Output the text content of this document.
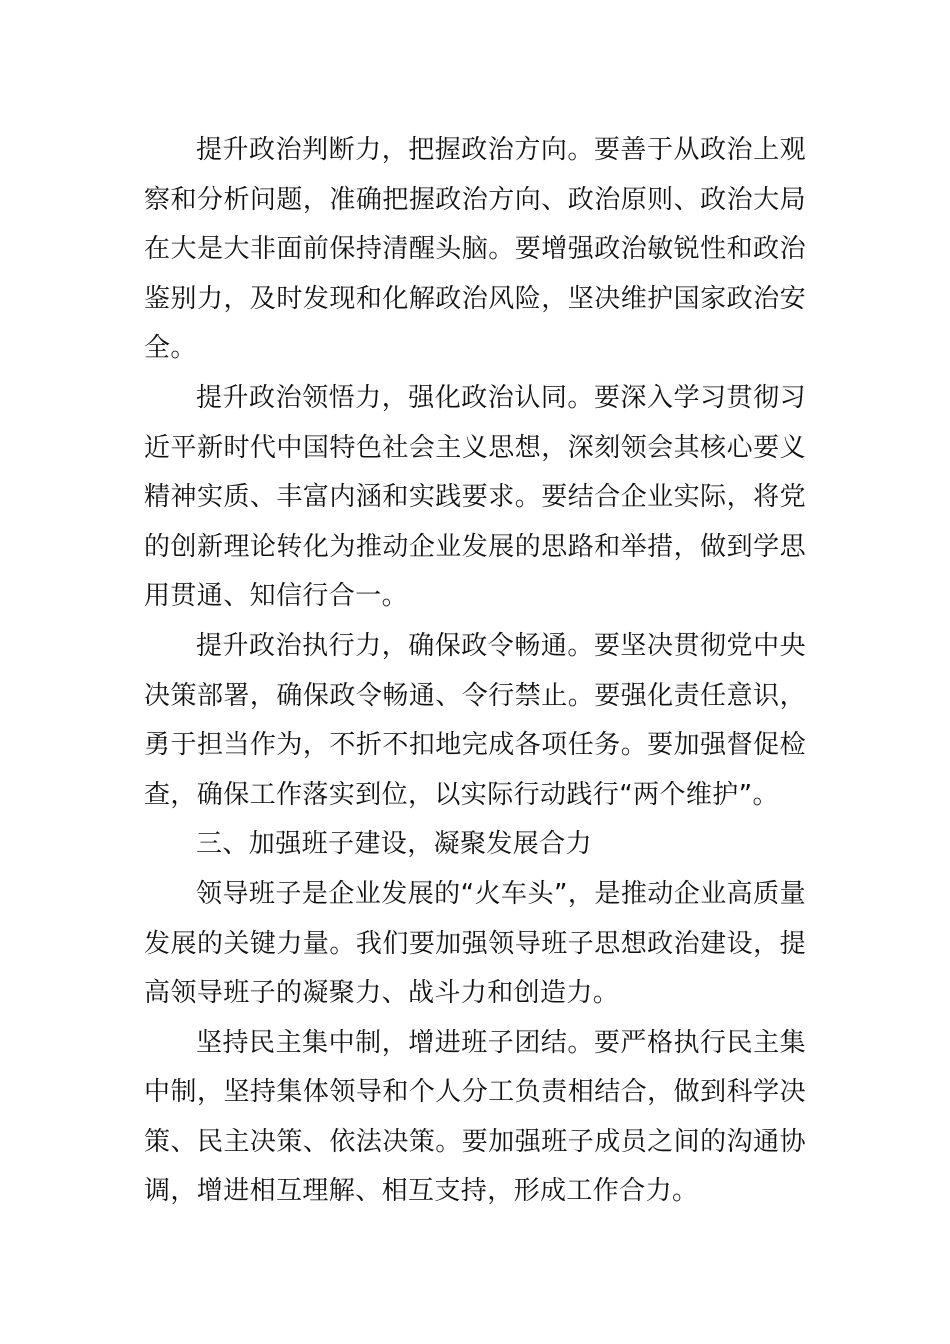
提升政治判断力，把握政治方向。要善于从政治上观察和分析问题，准确把握政治方向、政治原则、政治大局在大是大非面前保持清醒头脑。要增强政治敏锐性和政治鉴别力，及时发现和化解政治风险，坚决维护国家政治安全。

提升政治领悟力，强化政治认同。要深入学习贯彻习近平新时代中国特色社会主义思想，深刻领会其核心要义精神实质、丰富内涵和实践要求。要结合企业实际，将党的创新理论转化为推动企业发展的思路和举措，做到学思用贯通、知信行合一。

提升政治执行力，确保政令畅通。要坚决贯彻党中央决策部署，确保政令畅通、令行禁止。要强化责任意识，勇于担当作为，不折不扣地完成各项任务。要加强督促检查，确保工作落实到位，以实际行动践行“两个维护”。

三、加强班子建设，凝聚发展合力

领导班子是企业发展的“火车头”，是推动企业高质量发展的关键力量。我们要加强领导班子思想政治建设，提高领导班子的凝聚力、战斗力和创造力。

坚持民主集中制，增进班子团结。要严格执行民主集中制，坚持集体领导和个人分工负责相结合，做到科学决策、民主决策、依法决策。要加强班子成员之间的沟通协调，增进相互理解、相互支持，形成工作合力。
